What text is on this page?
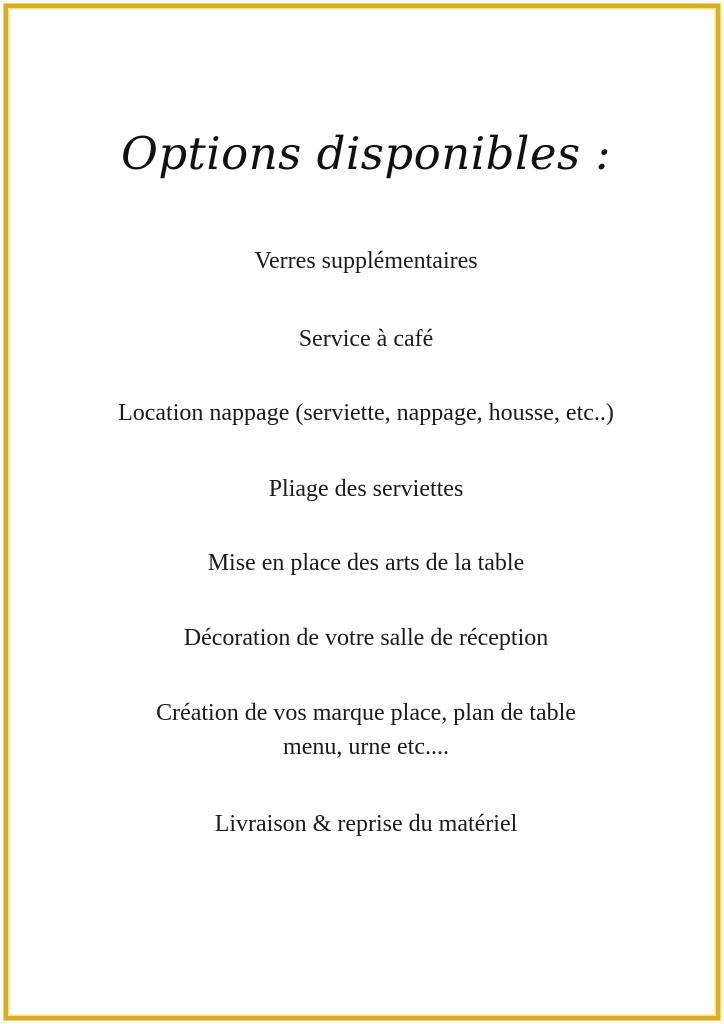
Options disponibles :
Verres supplémentaires
Service à café
Location nappage (serviette, nappage, housse, etc..)
Pliage des serviettes
Mise en place des arts de la table
Décoration de votre salle de réception
Création de vos marque place, plan de table
menu, urne etc....
Livraison & reprise du matériel
